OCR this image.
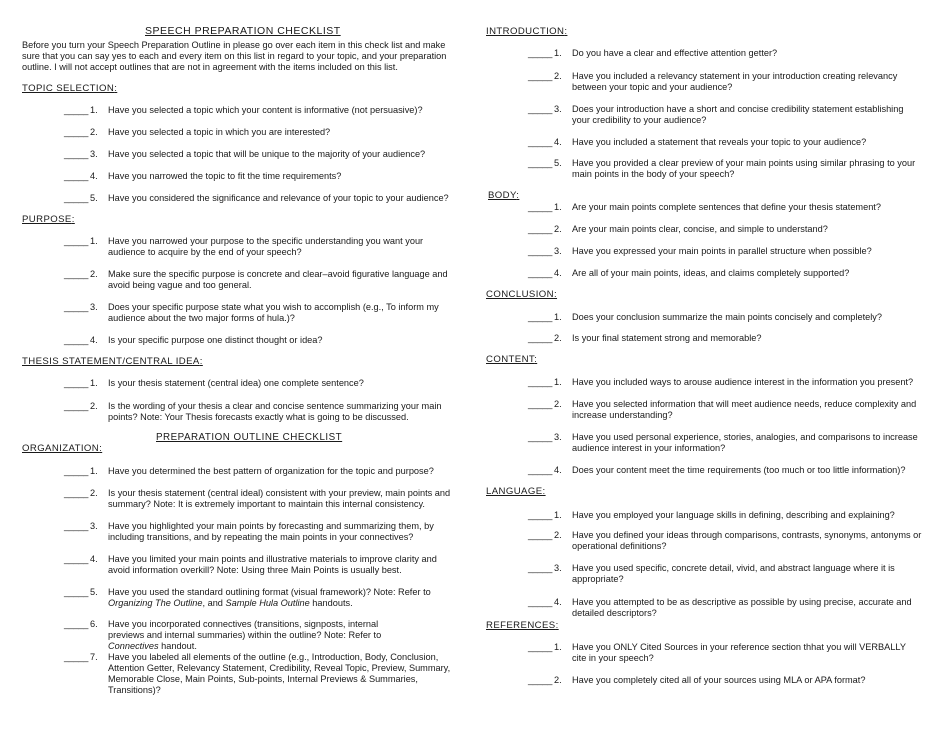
SPEECH PREPARATION CHECKLIST
Before you turn your Speech Preparation Outline in please go over each item in this check list and make sure that you can say yes to each and every item on this list in regard to your topic, and your preparation outline. I will not accept outlines that are not in agreement with the items included on this list.
TOPIC SELECTION:
_____ 1. Have you selected a topic which your content is informative (not persuasive)?
_____ 2. Have you selected a topic in which you are interested?
_____ 3. Have you selected a topic that will be unique to the majority of your audience?
_____ 4. Have you narrowed the topic to fit the time requirements?
_____ 5. Have you considered the significance and relevance of your topic to your audience?
PURPOSE:
_____ 1. Have you narrowed your purpose to the specific understanding you want your audience to acquire by the end of your speech?
_____ 2. Make sure the specific purpose is concrete and clear–avoid figurative language and avoid being vague and too general.
_____ 3. Does your specific purpose state what you wish to accomplish (e.g., To inform my audience about the two major forms of hula.)?
_____ 4. Is your specific purpose one distinct thought or idea?
THESIS STATEMENT/CENTRAL IDEA:
_____ 1. Is your thesis statement (central idea) one complete sentence?
_____ 2. Is the wording of your thesis a clear and concise sentence summarizing your main points? Note: Your Thesis forecasts exactly what is going to be discussed.
PREPARATION OUTLINE CHECKLIST
ORGANIZATION:
_____ 1. Have you determined the best pattern of organization for the topic and purpose?
_____ 2. Is your thesis statement (central ideal) consistent with your preview, main points and summary? Note: It is extremely important to maintain this internal consistency.
_____ 3. Have you highlighted your main points by forecasting and summarizing them, by including transitions, and by repeating the main points in your connectives?
_____ 4. Have you limited your main points and illustrative materials to improve clarity and avoid information overkill? Note: Using three Main Points is usually best.
_____ 5. Have you used the standard outlining format (visual framework)? Note: Refer to Organizing The Outline, and Sample Hula Outline handouts.
_____ 6. Have you incorporated connectives (transitions, signposts, internal previews and internal summaries) within the outline? Note: Refer to Connectives handout.
_____ 7. Have you labeled all elements of the outline (e.g., Introduction, Body, Conclusion, Attention Getter, Relevancy Statement, Credibility, Reveal Topic, Preview, Summary, Memorable Close, Main Points, Sub-points, Internal Previews & Summaries, Transitions)?
INTRODUCTION:
_____ 1. Do you have a clear and effective attention getter?
_____ 2. Have you included a relevancy statement in your introduction creating relevancy between your topic and your audience?
_____ 3. Does your introduction have a short and concise credibility statement establishing your credibility to your audience?
_____ 4. Have you included a statement that reveals your topic to your audience?
_____ 5. Have you provided a clear preview of your main points using similar phrasing to your main points in the body of your speech?
BODY:
_____ 1. Are your main points complete sentences that define your thesis statement?
_____ 2. Are your main points clear, concise, and simple to understand?
_____ 3. Have you expressed your main points in parallel structure when possible?
_____ 4. Are all of your main points, ideas, and claims completely supported?
CONCLUSION:
_____ 1. Does your conclusion summarize the main points concisely and completely?
_____ 2. Is your final statement strong and memorable?
CONTENT:
_____ 1. Have you included ways to arouse audience interest in the information you present?
_____ 2. Have you selected information that will meet audience needs, reduce complexity and increase understanding?
_____ 3. Have you used personal experience, stories, analogies, and comparisons to increase audience interest in your information?
_____ 4. Does your content meet the time requirements (too much or too little information)?
LANGUAGE:
_____ 1. Have you employed your language skills in defining, describing and explaining?
_____ 2. Have you defined your ideas through comparisons, contrasts, synonyms, antonyms or operational definitions?
_____ 3. Have you used specific, concrete detail, vivid, and abstract language where it is appropriate?
_____ 4. Have you attempted to be as descriptive as possible by using precise, accurate and detailed descriptors?
REFERENCES:
_____ 1. Have you ONLY Cited Sources in your reference section thhat you will VERBALLY cite in your speech?
_____ 2. Have you completely cited all of your sources using MLA or APA format?
